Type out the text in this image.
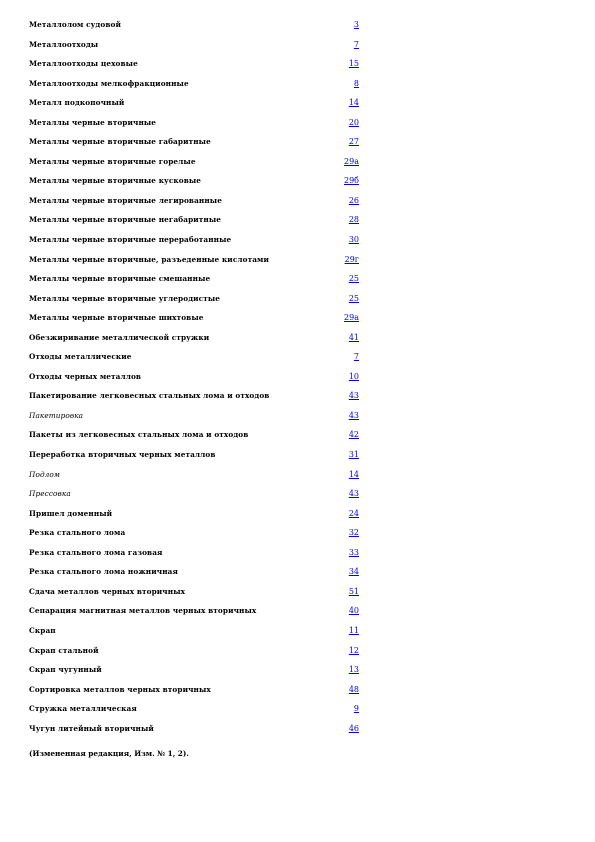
Металлолом судовой	3
Металлоотходы	7
Металлоотходы цеховые	15
Металлоотходы мелкофракционные	8
Металл подкопочный	14
Металлы черные вторичные	20
Металлы черные вторичные габаритные	27
Металлы черные вторичные горелые	29а
Металлы черные вторичные кусковые	29б
Металлы черные вторичные легированные	26
Металлы черные вторичные негабаритные	28
Металлы черные вторичные переработанные	30
Металлы черные вторичные, разъеденные кислотами	29г
Металлы черные вторичные смешанные	25
Металлы черные вторичные углеродистые	25
Металлы черные вторичные шихтовые	29а
Обезжиривание металлической стружки	41
Отходы металлические	7
Отходы черных металлов	10
Пакетирование легковесных стальных лома и отходов	43
Пакетировка	43
Пакеты из легковесных стальных лома и отходов	42
Переработка вторичных черных металлов	31
Подлом	14
Прессовка	43
Пришел доменный	24
Резка стального лома	32
Резка стального лома газовая	33
Резка стального лома ножничная	34
Сдача металлов черных вторичных	51
Сепарация магнитная металлов черных вторичных	40
Скрап	11
Скрап стальной	12
Скрап чугунный	13
Сортировка металлов черных вторичных	48
Стружка металлическая	9
Чугун литейный вторичный	46
(Измененная редакция, Изм. № 1, 2).
